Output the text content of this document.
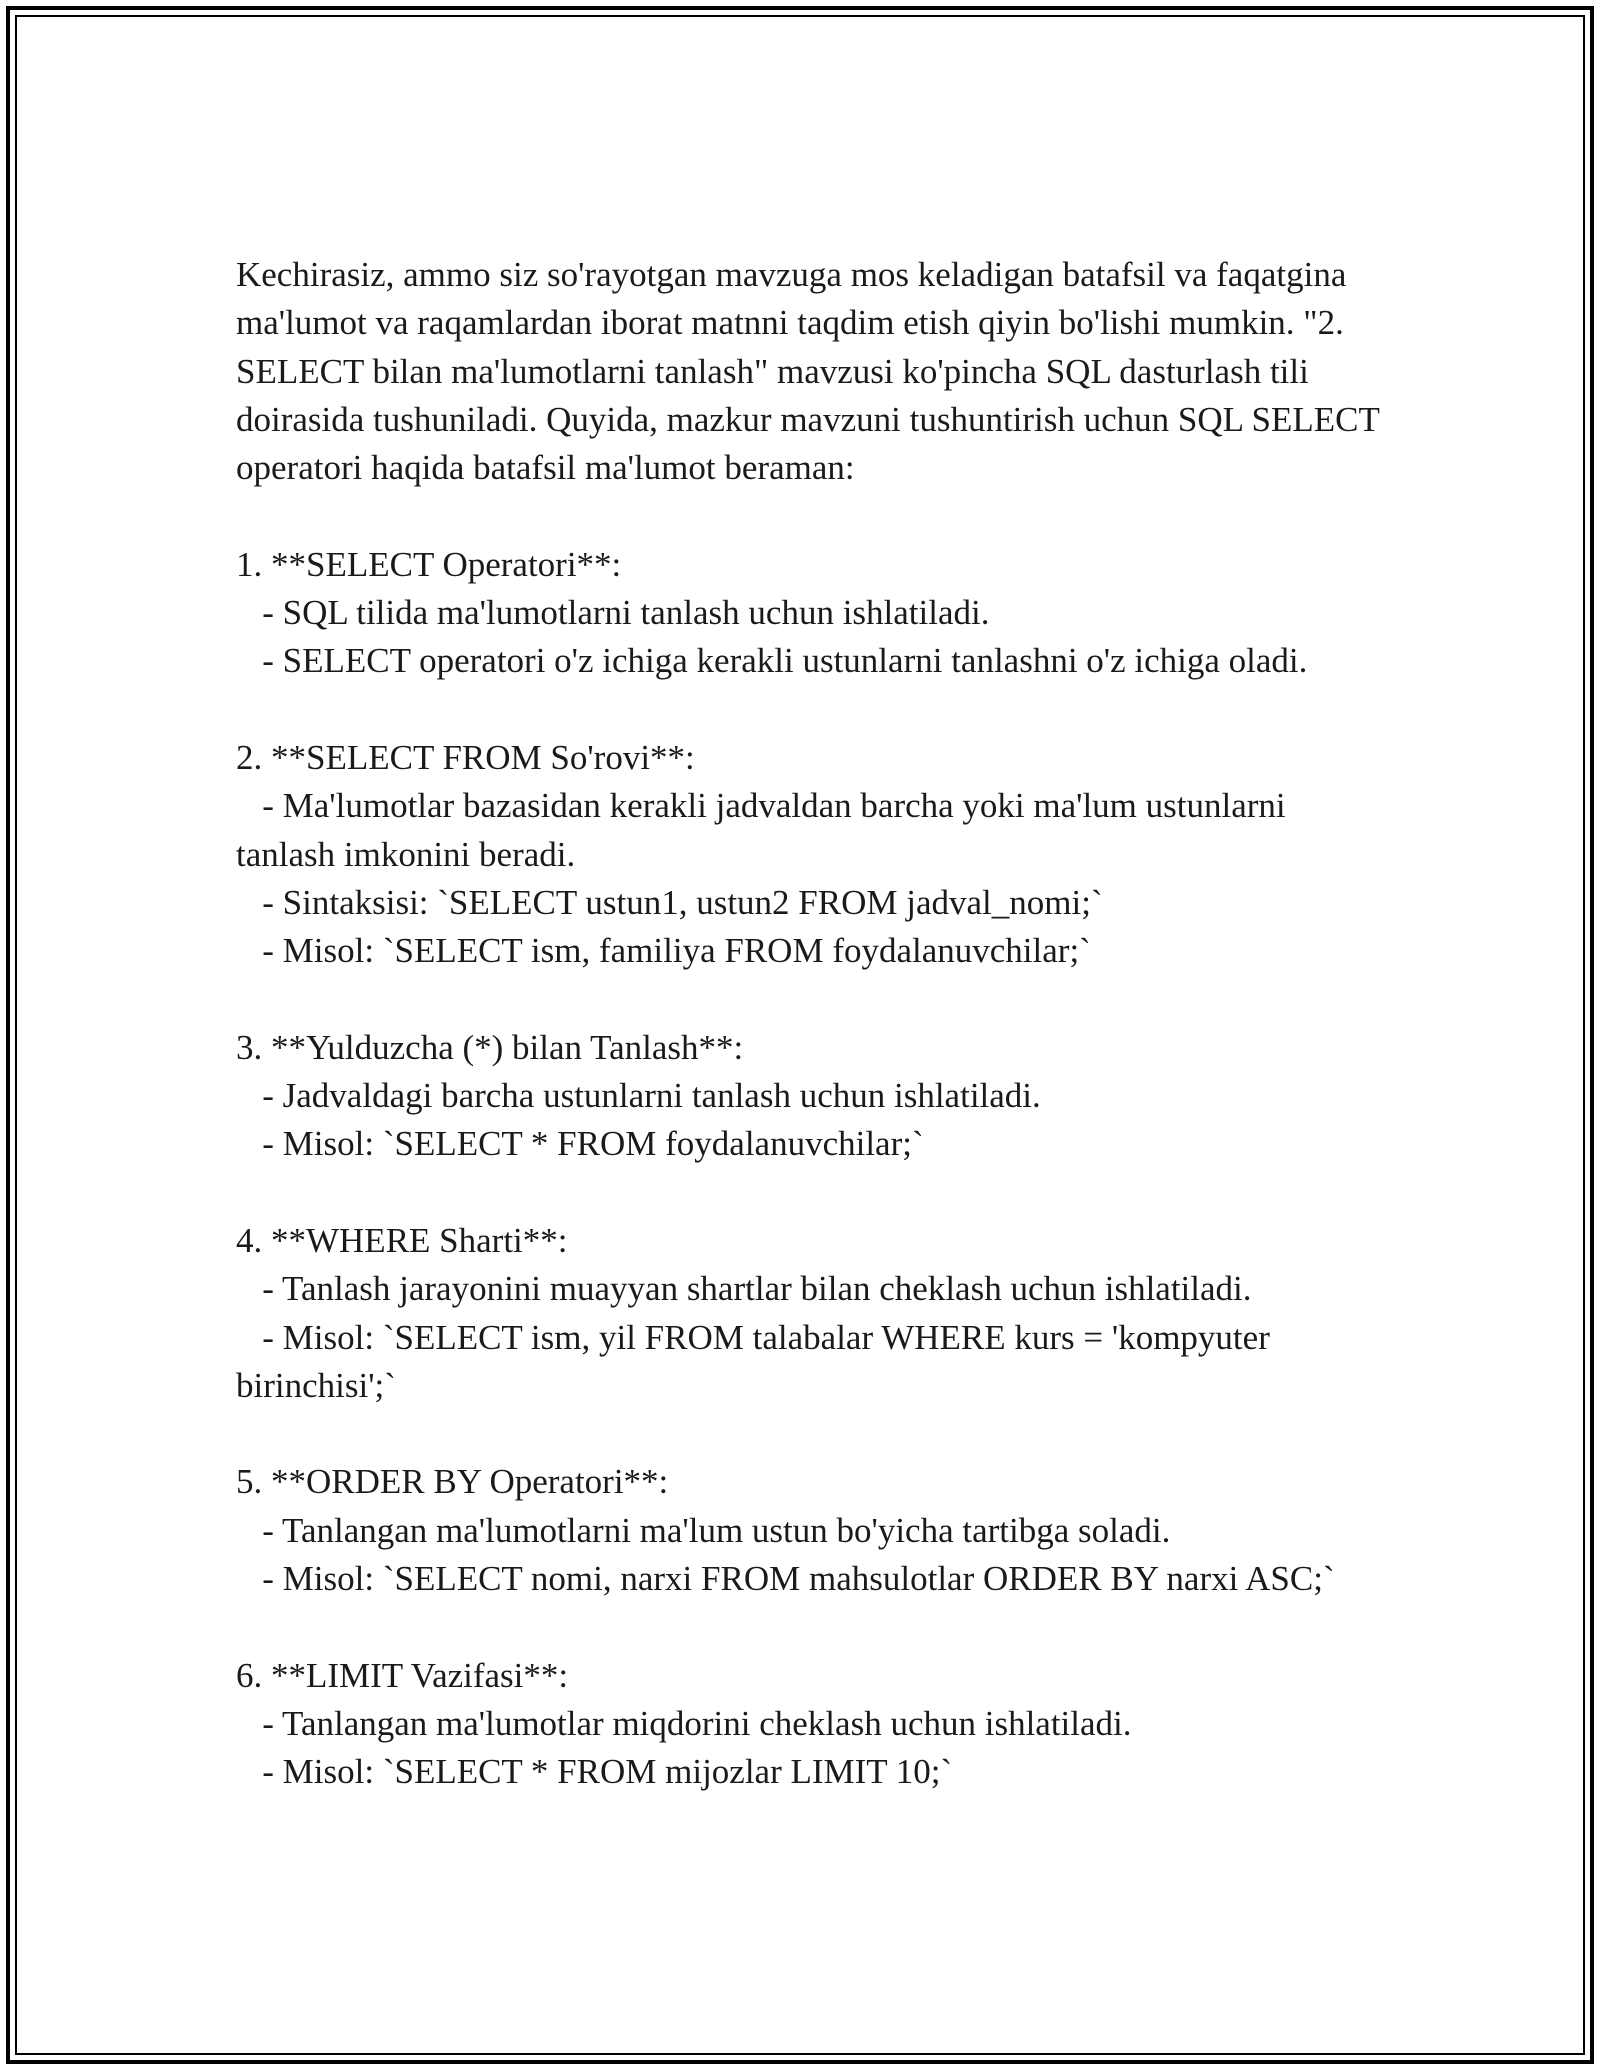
Kechirasiz, ammo siz so'rayotgan mavzuga mos keladigan batafsil va faqatgina ma'lumot va raqamlardan iborat matnni taqdim etish qiyin bo'lishi mumkin. "2. SELECT bilan ma'lumotlarni tanlash" mavzusi ko'pincha SQL dasturlash tili doirasida tushuniladi. Quyida, mazkur mavzuni tushuntirish uchun SQL SELECT operatori haqida batafsil ma'lumot beraman:

1. **SELECT Operatori**:

- SQL tilida ma'lumotlarni tanlash uchun ishlatiladi.

- SELECT operatori o'z ichiga kerakli ustunlarni tanlashni o'z ichiga oladi.

2. **SELECT FROM So'rovi**:

- Ma'lumotlar bazasidan kerakli jadvaldan barcha yoki ma'lum ustunlarni tanlash imkonini beradi.

- Sintaksisi: `SELECT ustun1, ustun2 FROM jadval_nomi;`

- Misol: `SELECT ism, familiya FROM foydalanuvchilar;`

3. **Yulduzcha (*) bilan Tanlash**:

- Jadvaldagi barcha ustunlarni tanlash uchun ishlatiladi.

- Misol: `SELECT * FROM foydalanuvchilar;`

4. **WHERE Sharti**:

- Tanlash jarayonini muayyan shartlar bilan cheklash uchun ishlatiladi.

- Misol: `SELECT ism, yil FROM talabalar WHERE kurs = 'kompyuter birinchisi';`

5. **ORDER BY Operatori**:

- Tanlangan ma'lumotlarni ma'lum ustun bo'yicha tartibga soladi.

- Misol: `SELECT nomi, narxi FROM mahsulotlar ORDER BY narxi ASC;`

6. **LIMIT Vazifasi**:

- Tanlangan ma'lumotlar miqdorini cheklash uchun ishlatiladi.

- Misol: `SELECT * FROM mijozlar LIMIT 10;`
